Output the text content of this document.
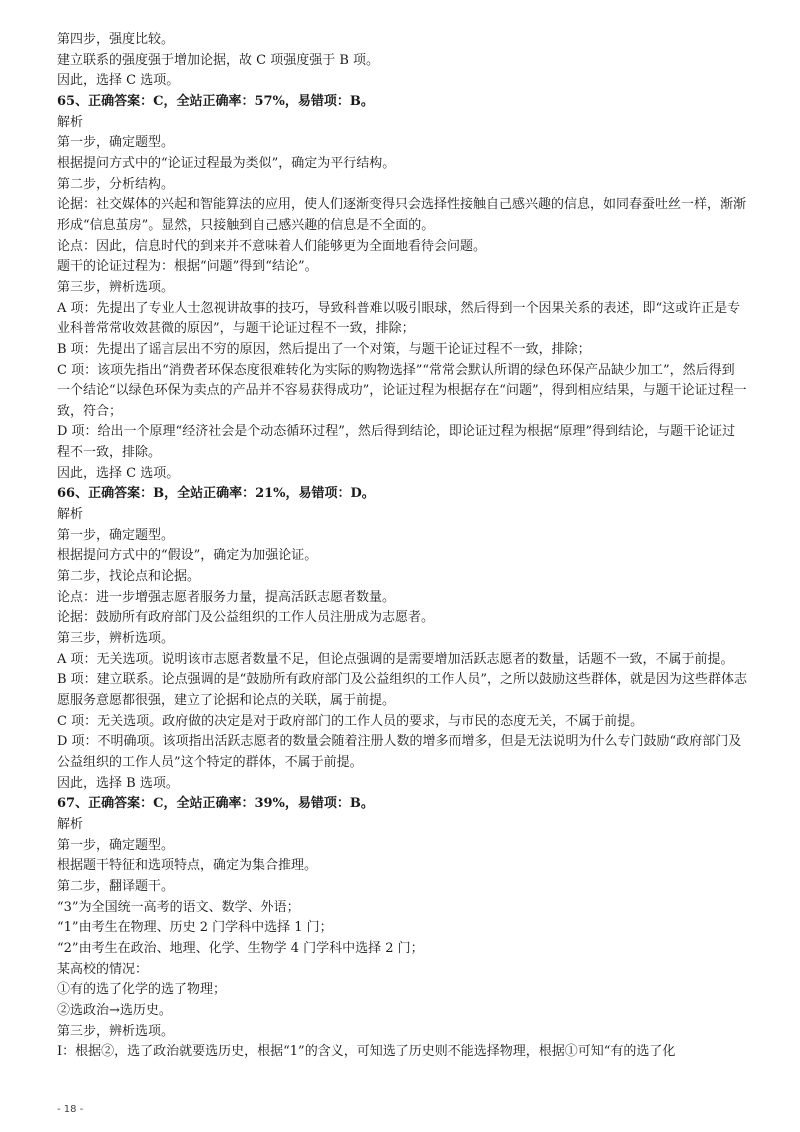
第四步，强度比较。
建立联系的强度强于增加论据，故 C 项强度强于 B 项。
因此，选择 C 选项。
65、正确答案：C，全站正确率：57%，易错项：B。
解析
第一步，确定题型。
根据提问方式中的“论证过程最为类似”，确定为平行结构。
第二步，分析结构。
论据：社交媒体的兴起和智能算法的应用，使人们逐渐变得只会选择性接触自己感兴趣的信息，如同春蚕吐丝一样，渐渐形成“信息茧房”。显然，只接触到自己感兴趣的信息是不全面的。
论点：因此，信息时代的到来并不意味着人们能够更为全面地看待会问题。
题干的论证过程为：根据“问题”得到“结论”。
第三步，辨析选项。
A 项：先提出了专业人士忽视讲故事的技巧，导致科普难以吸引眼球，然后得到一个因果关系的表述，即“这或许正是专业科普常常收效甚微的原因”，与题干论证过程不一致，排除；
B 项：先提出了谣言层出不穷的原因，然后提出了一个对策，与题干论证过程不一致，排除；
C 项：该项先指出“消费者环保态度很难转化为实际的购物选择”“常常会默认所谓的绿色环保产品缺少加工”，然后得到一个结论“以绿色环保为卖点的产品并不容易获得成功”，论证过程为根据存在“问题”，得到相应结果，与题干论证过程一致，符合；
D 项：给出一个原理“经济社会是个动态循环过程”，然后得到结论，即论证过程为根据“原理”得到结论，与题干论证过程不一致，排除。
因此，选择 C 选项。
66、正确答案：B，全站正确率：21%，易错项：D。
解析
第一步，确定题型。
根据提问方式中的“假设”，确定为加强论证。
第二步，找论点和论据。
论点：进一步增强志愿者服务力量，提高活跃志愿者数量。
论据：鼓励所有政府部门及公益组织的工作人员注册成为志愿者。
第三步，辨析选项。
A 项：无关选项。说明该市志愿者数量不足，但论点强调的是需要增加活跃志愿者的数量，话题不一致，不属于前提。
B 项：建立联系。论点强调的是“鼓励所有政府部门及公益组织的工作人员”，之所以鼓励这些群体，就是因为这些群体志愿服务意愿都很强，建立了论据和论点的关联，属于前提。
C 项：无关选项。政府做的决定是对于政府部门的工作人员的要求，与市民的态度无关，不属于前提。
D 项：不明确项。该项指出活跃志愿者的数量会随着注册人数的增多而增多，但是无法说明为什么专门鼓励“政府部门及公益组织的工作人员”这个特定的群体，不属于前提。
因此，选择 B 选项。
67、正确答案：C，全站正确率：39%，易错项：B。
解析
第一步，确定题型。
根据题干特征和选项特点，确定为集合推理。
第二步，翻译题干。
“3”为全国统一高考的语文、数学、外语；
“1”由考生在物理、历史 2 门学科中选择 1 门；
“2”由考生在政治、地理、化学、生物学 4 门学科中选择 2 门；
某高校的情况：
①有的选了化学的选了物理；
②选政治→选历史。
第三步，辨析选项。
I：根据②，选了政治就要选历史，根据“1”的含义，可知选了历史则不能选择物理，根据①可知“有的选了化
- 18 -
